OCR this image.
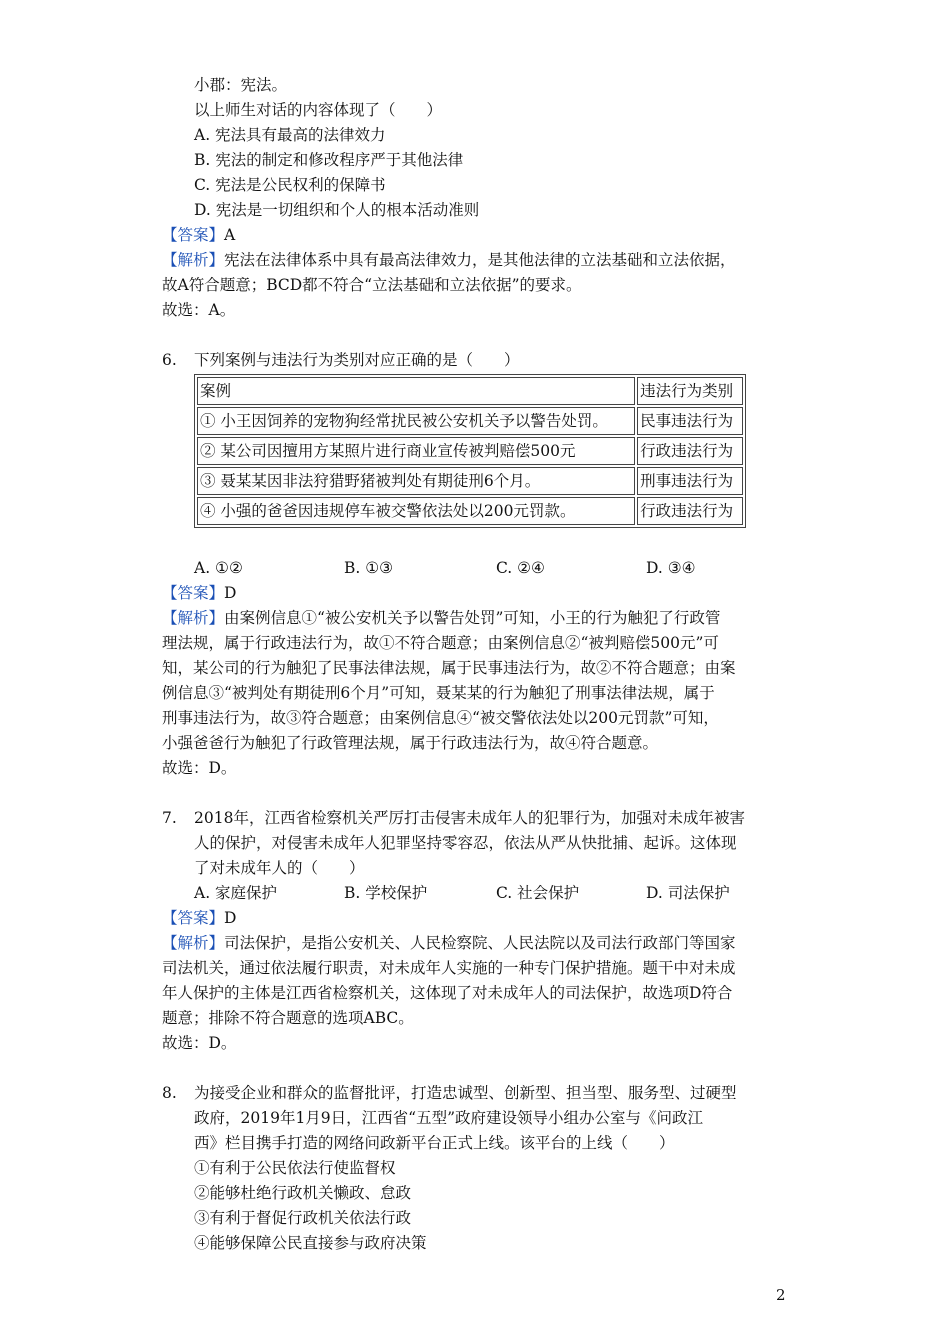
小郡：宪法。
以上师生对话的内容体现了（　　）
A. 宪法具有最高的法律效力
B. 宪法的制定和修改程序严于其他法律
C. 宪法是公民权利的保障书
D. 宪法是一切组织和个人的根本活动准则
【答案】A
【解析】宪法在法律体系中具有最高法律效力，是其他法律的立法基础和立法依据，
故A符合题意；BCD都不符合“立法基础和立法依据”的要求。
故选：A。
6. 下列案例与违法行为类别对应正确的是（　　）
案例	违法行为类别
① 小王因饲养的宠物狗经常扰民被公安机关予以警告处罚。	民事违法行为
② 某公司因擅用方某照片进行商业宣传被判赔偿500元	行政违法行为
③ 聂某某因非法狩猎野猪被判处有期徒刑6个月。	刑事违法行为
④ 小强的爸爸因违规停车被交警依法处以200元罚款。	行政违法行为
A. ①②	B. ①③	C. ②④	D. ③④
【答案】D
【解析】由案例信息①“被公安机关予以警告处罚”可知，小王的行为触犯了行政管
理法规，属于行政违法行为，故①不符合题意；由案例信息②“被判赔偿500元”可
知，某公司的行为触犯了民事法律法规，属于民事违法行为，故②不符合题意；由案
例信息③“被判处有期徒刑6个月”可知，聂某某的行为触犯了刑事法律法规，属于
刑事违法行为，故③符合题意；由案例信息④“被交警依法处以200元罚款”可知，
小强爸爸行为触犯了行政管理法规，属于行政违法行为，故④符合题意。
故选：D。
7. 2018年，江西省检察机关严厉打击侵害未成年人的犯罪行为，加强对未成年被害
人的保护，对侵害未成年人犯罪坚持零容忍，依法从严从快批捕、起诉。这体现
了对未成年人的（　　）
A. 家庭保护	B. 学校保护	C. 社会保护	D. 司法保护
【答案】D
【解析】司法保护，是指公安机关、人民检察院、人民法院以及司法行政部门等国家
司法机关，通过依法履行职责，对未成年人实施的一种专门保护措施。题干中对未成
年人保护的主体是江西省检察机关，这体现了对未成年人的司法保护，故选项D符合
题意；排除不符合题意的选项ABC。
故选：D。
8. 为接受企业和群众的监督批评，打造忠诚型、创新型、担当型、服务型、过硬型
政府，2019年1月9日，江西省“五型”政府建设领导小组办公室与《问政江
西》栏目携手打造的网络问政新平台正式上线。该平台的上线（　　）
①有利于公民依法行使监督权
②能够杜绝行政机关懒政、怠政
③有利于督促行政机关依法行政
④能够保障公民直接参与政府决策
2
